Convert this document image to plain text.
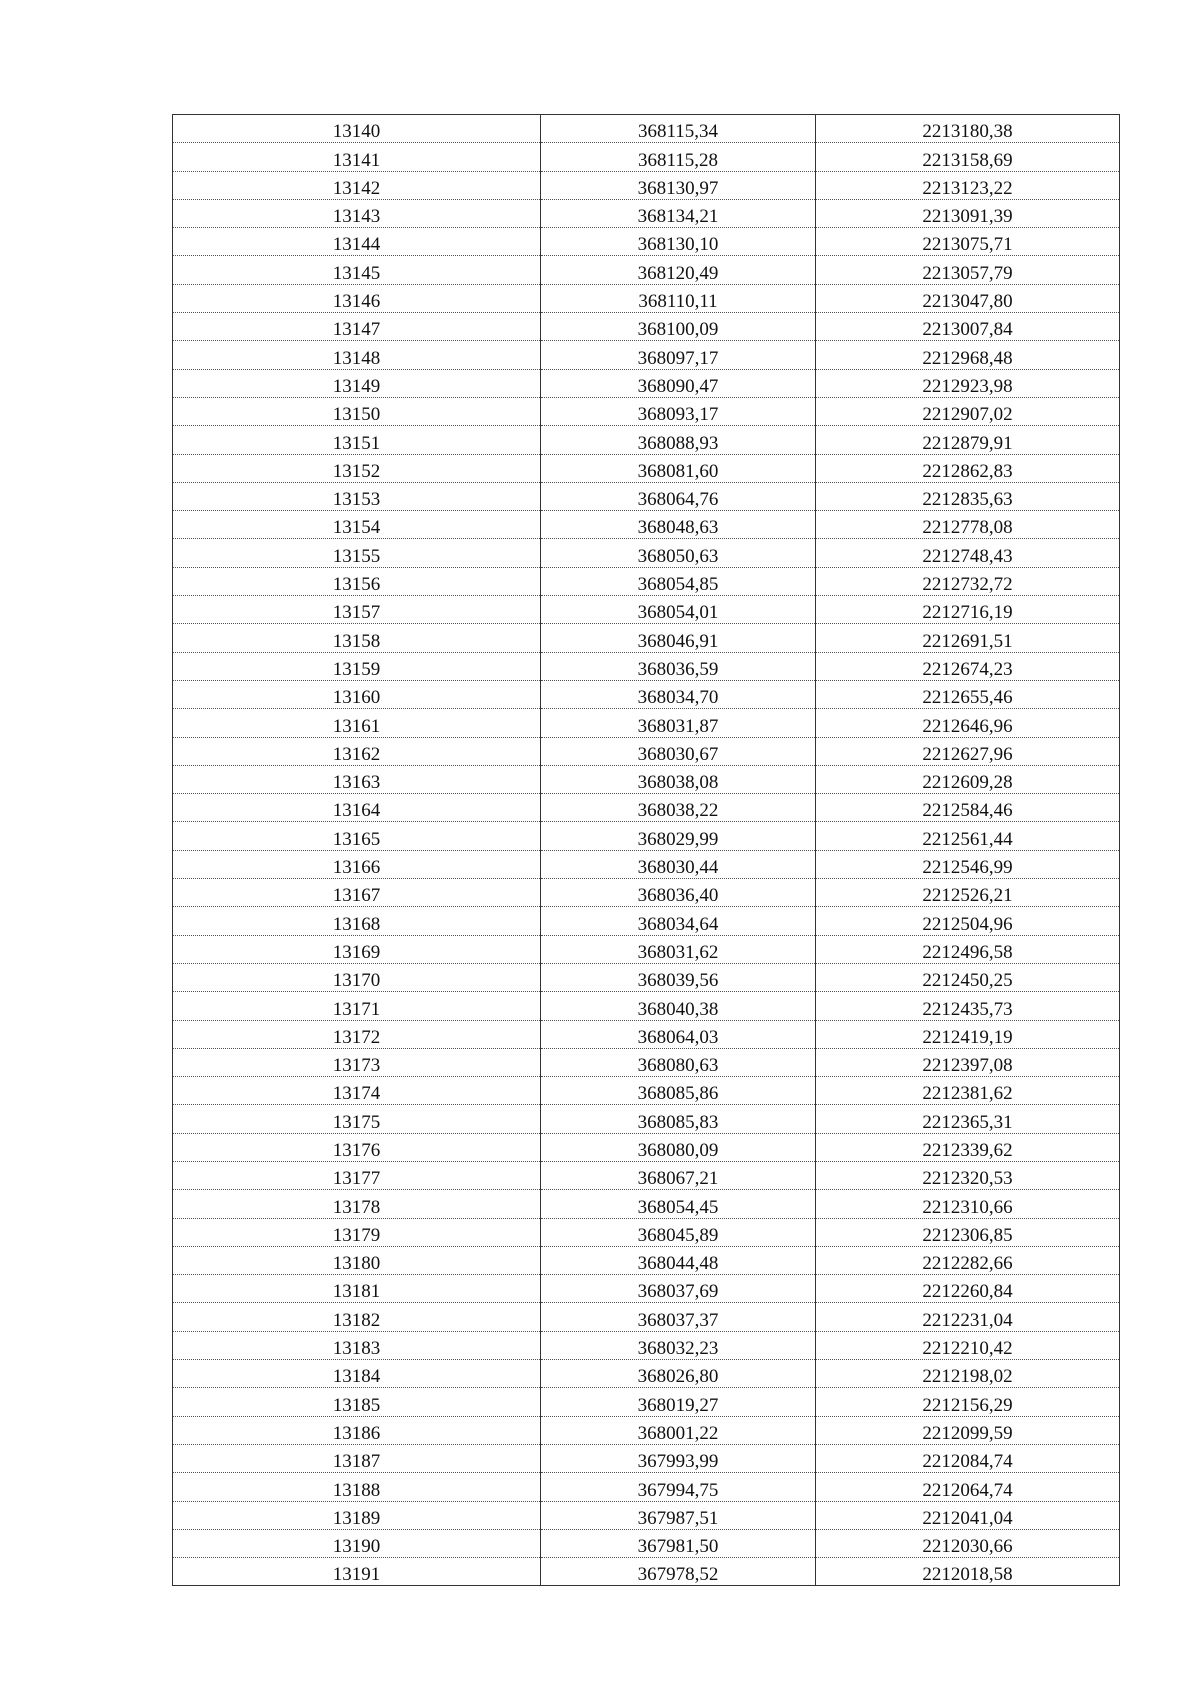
13140	368115,34	2213180,38
13141	368115,28	2213158,69
13142	368130,97	2213123,22
13143	368134,21	2213091,39
13144	368130,10	2213075,71
13145	368120,49	2213057,79
13146	368110,11	2213047,80
13147	368100,09	2213007,84
13148	368097,17	2212968,48
13149	368090,47	2212923,98
13150	368093,17	2212907,02
13151	368088,93	2212879,91
13152	368081,60	2212862,83
13153	368064,76	2212835,63
13154	368048,63	2212778,08
13155	368050,63	2212748,43
13156	368054,85	2212732,72
13157	368054,01	2212716,19
13158	368046,91	2212691,51
13159	368036,59	2212674,23
13160	368034,70	2212655,46
13161	368031,87	2212646,96
13162	368030,67	2212627,96
13163	368038,08	2212609,28
13164	368038,22	2212584,46
13165	368029,99	2212561,44
13166	368030,44	2212546,99
13167	368036,40	2212526,21
13168	368034,64	2212504,96
13169	368031,62	2212496,58
13170	368039,56	2212450,25
13171	368040,38	2212435,73
13172	368064,03	2212419,19
13173	368080,63	2212397,08
13174	368085,86	2212381,62
13175	368085,83	2212365,31
13176	368080,09	2212339,62
13177	368067,21	2212320,53
13178	368054,45	2212310,66
13179	368045,89	2212306,85
13180	368044,48	2212282,66
13181	368037,69	2212260,84
13182	368037,37	2212231,04
13183	368032,23	2212210,42
13184	368026,80	2212198,02
13185	368019,27	2212156,29
13186	368001,22	2212099,59
13187	367993,99	2212084,74
13188	367994,75	2212064,74
13189	367987,51	2212041,04
13190	367981,50	2212030,66
13191	367978,52	2212018,58
